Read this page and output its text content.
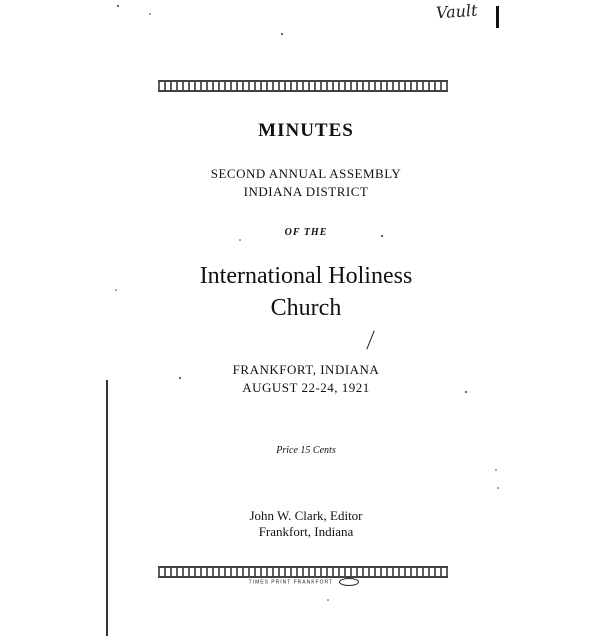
Vault
MINUTES
SECOND ANNUAL ASSEMBLY
INDIANA DISTRICT
OF THE
International Holiness
Church
FRANKFORT, INDIANA
AUGUST 22-24, 1921
Price 15 Cents
John W. Clark, Editor
Frankfort, Indiana
TIMES PRINT FRANKFORT
